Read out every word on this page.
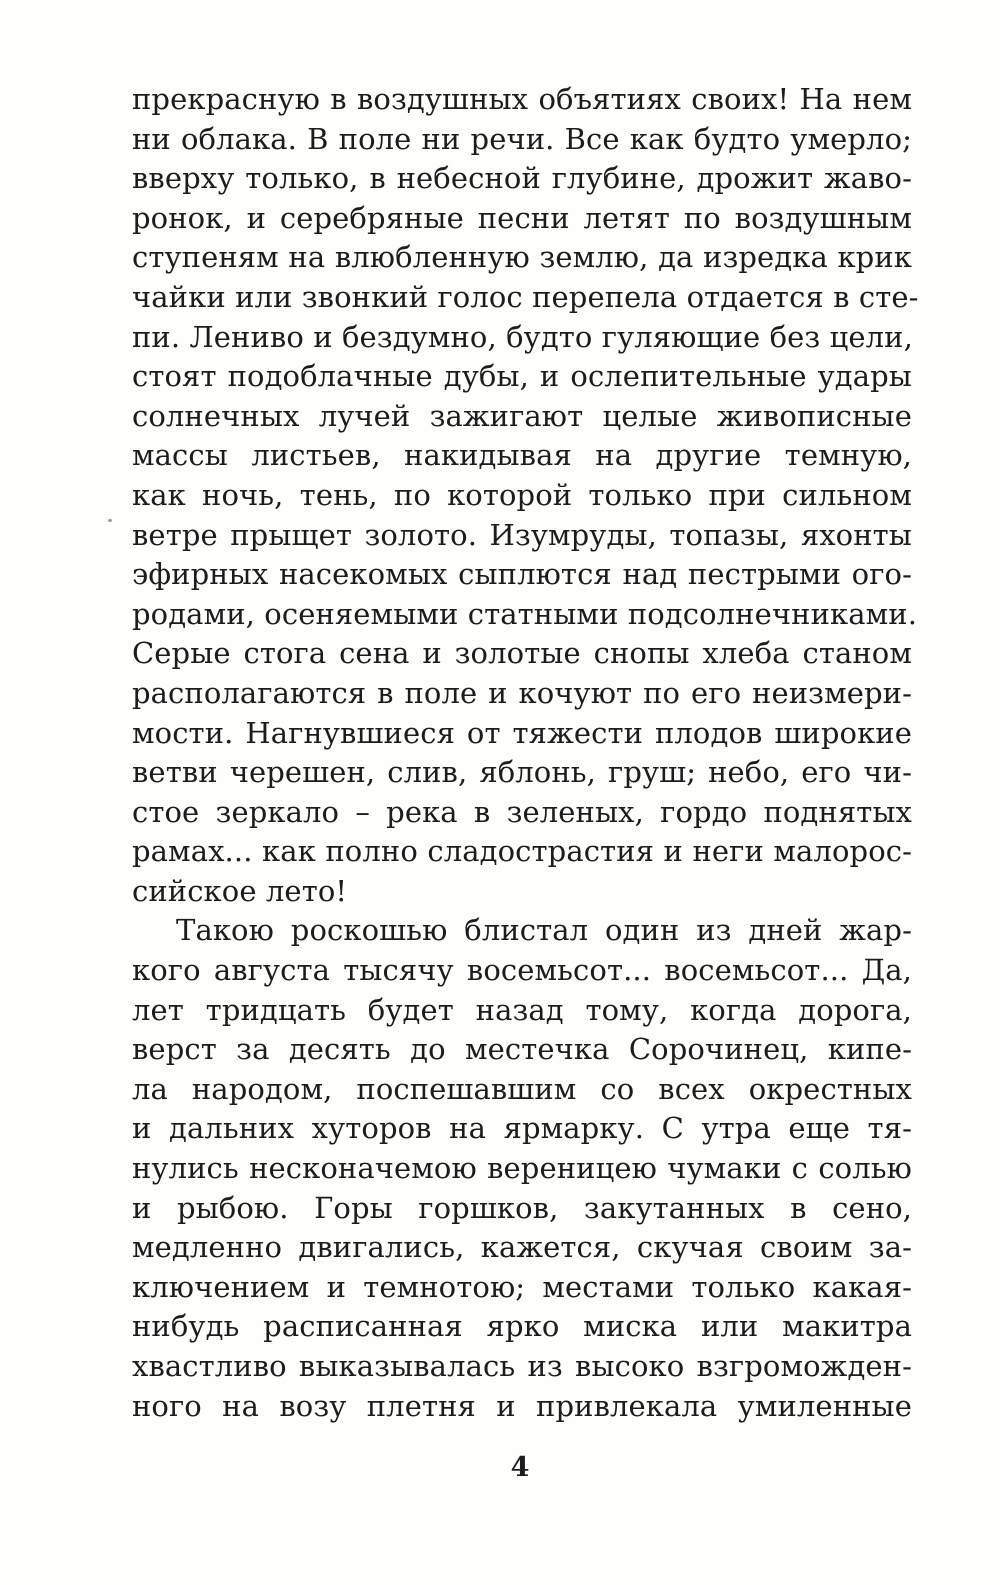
прекрасную в воздушных объятиях своих! На нем
ни облака. В поле ни речи. Все как будто умерло;
вверху только, в небесной глубине, дрожит жаво-
ронок, и серебряные песни летят по воздушным
ступеням на влюбленную землю, да изредка крик
чайки или звонкий голос перепела отдается в сте-
пи. Лениво и бездумно, будто гуляющие без цели,
стоят подоблачные дубы, и ослепительные удары
солнечных лучей зажигают целые живописные
массы листьев, накидывая на другие темную,
как ночь, тень, по которой только при сильном
ветре прыщет золото. Изумруды, топазы, яхонты
эфирных насекомых сыплются над пестрыми ого-
родами, осеняемыми статными подсолнечниками.
Серые стога сена и золотые снопы хлеба станом
располагаются в поле и кочуют по его неизмери-
мости. Нагнувшиеся от тяжести плодов широкие
ветви черешен, слив, яблонь, груш; небо, его чи-
стое зеркало – река в зеленых, гордо поднятых
рамах... как полно сладострастия и неги малорос-
сийское лето!
Такою роскошью блистал один из дней жар-
кого августа тысячу восемьсот... восемьсот... Да,
лет тридцать будет назад тому, когда дорога,
верст за десять до местечка Сорочинец, кипе-
ла народом, поспешавшим со всех окрестных
и дальних хуторов на ярмарку. С утра еще тя-
нулись несконачемою вереницею чумаки с солью
и рыбою. Горы горшков, закутанных в сено,
медленно двигались, кажется, скучая своим за-
ключением и темнотою; местами только какая-
нибудь расписанная ярко миска или макитра
хвастливо выказывалась из высоко взгроможден-
ного на возу плетня и привлекала умиленные
4
